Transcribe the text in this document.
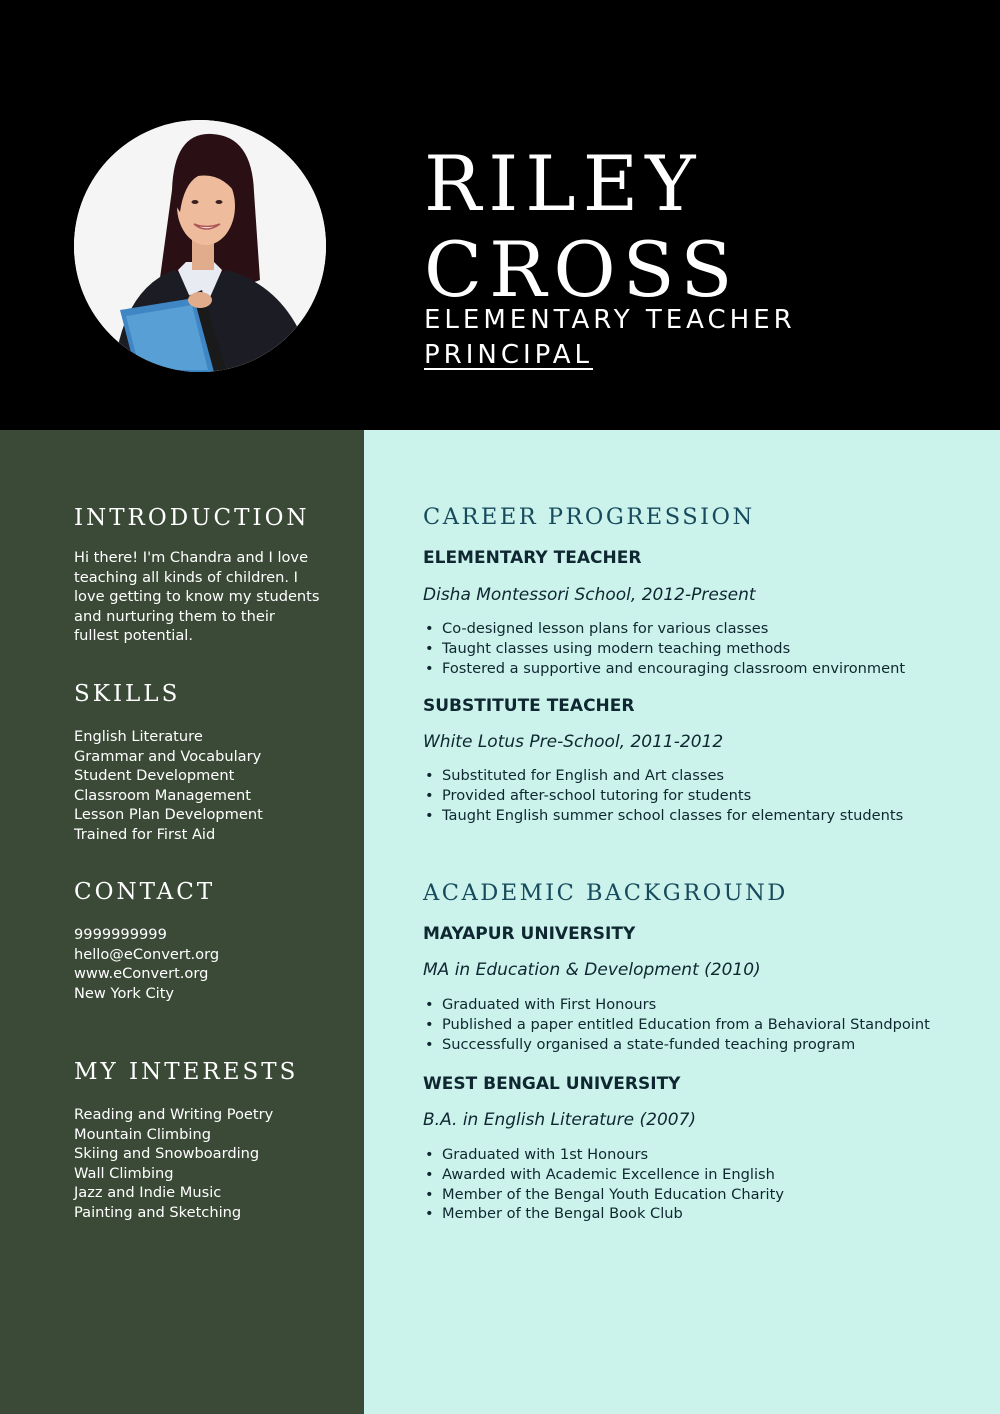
RILEY
CROSS
ELEMENTARY TEACHER
PRINCIPAL
INTRODUCTION

Hi there! I'm Chandra and I love teaching all kinds of children. I love getting to know my students and nurturing them to their fullest potential.

SKILLS
English Literature
Grammar and Vocabulary
Student Development
Classroom Management
Lesson Plan Development
Trained for First Aid
CONTACT
9999999999
hello@eConvert.org
www.eConvert.org
New York City
MY INTERESTS
Reading and Writing Poetry
Mountain Climbing
Skiing and Snowboarding
Wall Climbing
Jazz and Indie Music
Painting and Sketching
CAREER PROGRESSION
ELEMENTARY TEACHER
Disha Montessori School, 2012-Present
• Co-designed lesson plans for various classes
• Taught classes using modern teaching methods
• Fostered a supportive and encouraging classroom environment
SUBSTITUTE TEACHER
White Lotus Pre-School, 2011-2012
• Substituted for English and Art classes
• Provided after-school tutoring for students
• Taught English summer school classes for elementary students
ACADEMIC BACKGROUND
MAYAPUR UNIVERSITY
MA in Education & Development (2010)
• Graduated with First Honours
• Published a paper entitled Education from a Behavioral Standpoint
• Successfully organised a state-funded teaching program
WEST BENGAL UNIVERSITY
B.A. in English Literature (2007)
• Graduated with 1st Honours
• Awarded with Academic Excellence in English
• Member of the Bengal Youth Education Charity
• Member of the Bengal Book Club
